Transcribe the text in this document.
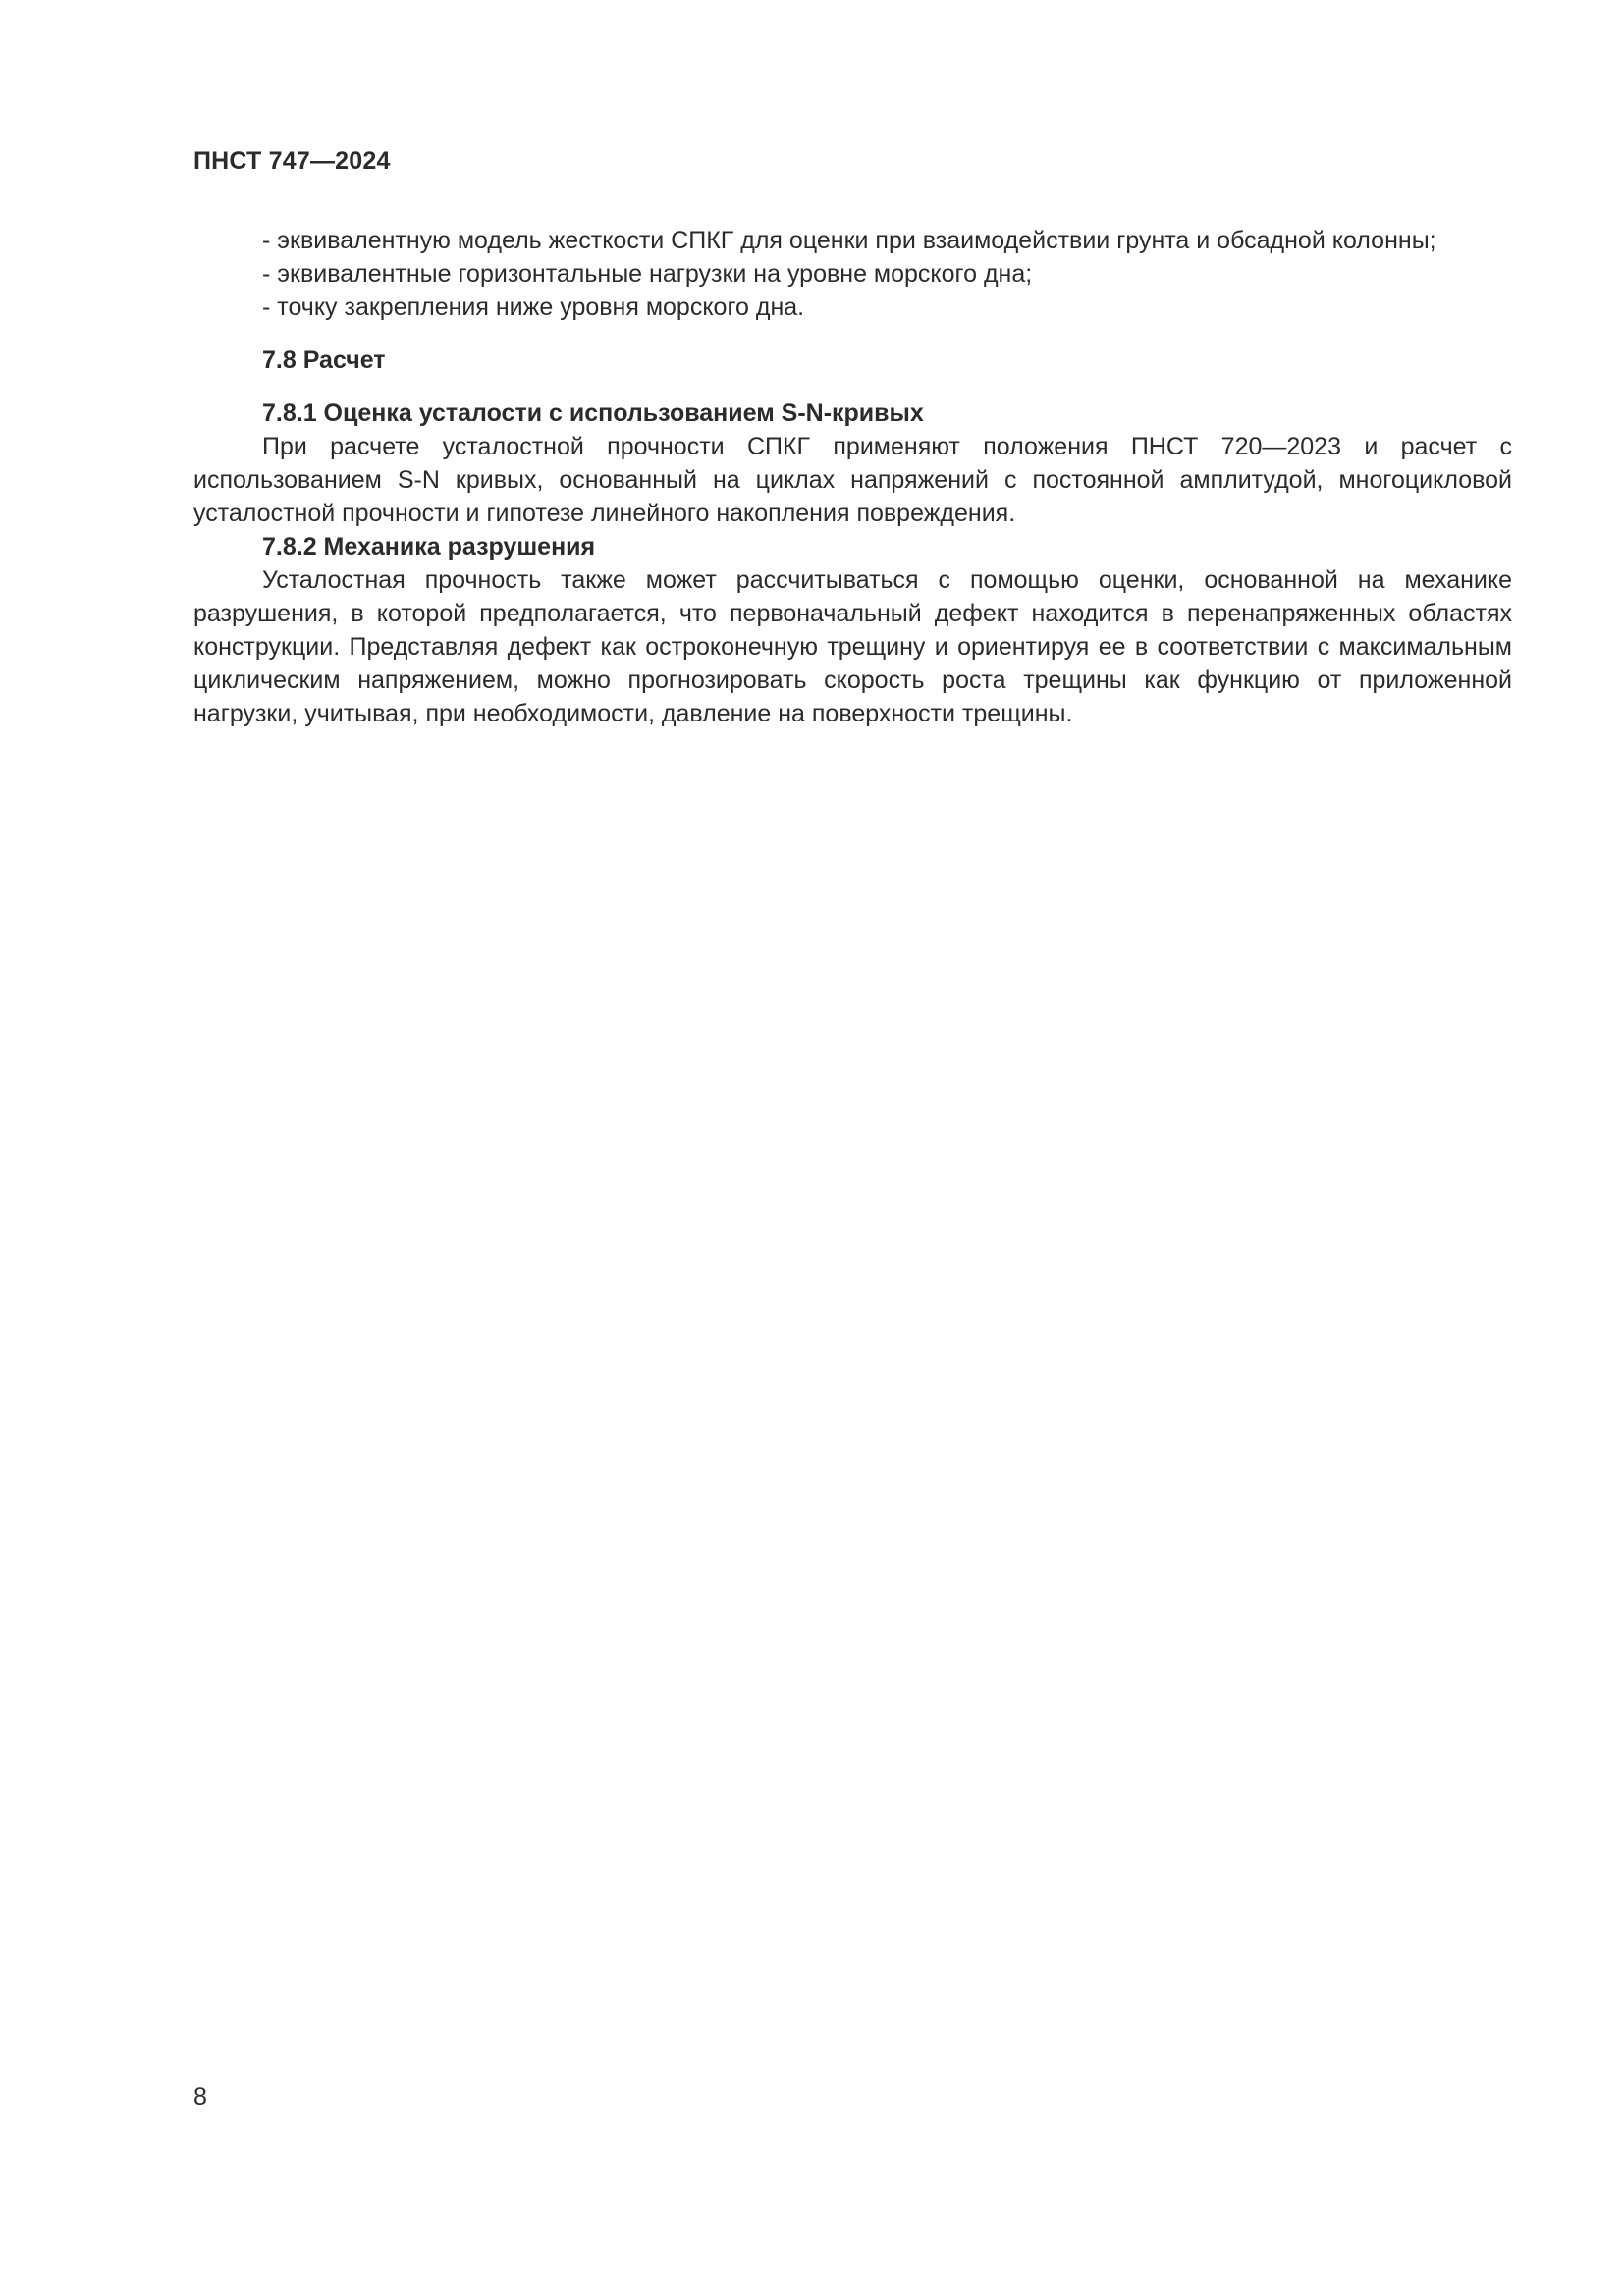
ПНСТ 747—2024

- эквивалентную модель жесткости СПКГ для оценки при взаимодействии грунта и обсадной колонны;

- эквивалентные горизонтальные нагрузки на уровне морского дна;

- точку закрепления ниже уровня морского дна.

7.8 Расчет

7.8.1 Оценка усталости с использованием S-N-кривых

При расчете усталостной прочности СПКГ применяют положения ПНСТ 720—2023 и расчет с использованием S-N кривых, основанный на циклах напряжений с постоянной амплитудой, многоцикловой усталостной прочности и гипотезе линейного накопления повреждения.

7.8.2 Механика разрушения

Усталостная прочность также может рассчитываться с помощью оценки, основанной на механике разрушения, в которой предполагается, что первоначальный дефект находится в перенапряженных областях конструкции. Представляя дефект как остроконечную трещину и ориентируя ее в соответствии с максимальным циклическим напряжением, можно прогнозировать скорость роста трещины как функцию от приложенной нагрузки, учитывая, при необходимости, давление на поверхности трещины.

8
